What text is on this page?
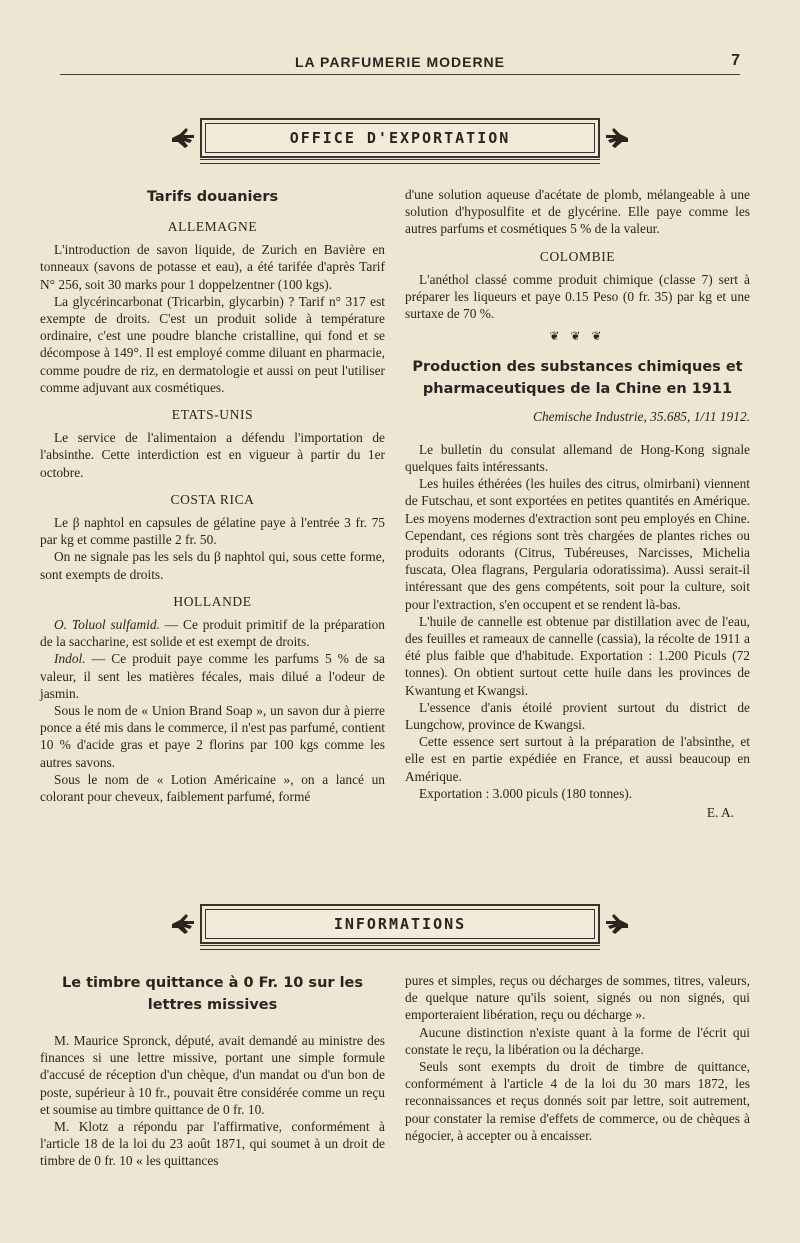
LA PARFUMERIE MODERNE	7
OFFICE D'EXPORTATION
Tarifs douaniers
ALLEMAGNE

L'introduction de savon liquide, de Zurich en Bavière en tonneaux (savons de potasse et eau), a été tarifée d'après Tarif N° 256, soit 30 marks pour 1 doppelzentner (100 kgs).

La glycérincarbonat (Tricarbin, glycarbin) ? Tarif n° 317 est exempte de droits. C'est un produit solide à température ordinaire, c'est une poudre blanche cristalline, qui fond et se décompose à 149°. Il est employé comme diluant en pharmacie, comme poudre de riz, en dermatologie et aussi on peut l'utiliser comme adjuvant aux cosmétiques.

ETATS-UNIS

Le service de l'alimentaion a défendu l'importation de l'absinthe. Cette interdiction est en vigueur à partir du 1er octobre.

COSTA RICA

Le β naphtol en capsules de gélatine paye à l'entrée 3 fr. 75 par kg et comme pastille 2 fr. 50.

On ne signale pas les sels du β naphtol qui, sous cette forme, sont exempts de droits.

HOLLANDE

O. Toluol sulfamid. — Ce produit primitif de la préparation de la saccharine, est solide et est exempt de droits.

Indol. — Ce produit paye comme les parfums 5 % de sa valeur, il sent les matières fécales, mais dilué a l'odeur de jasmin.

Sous le nom de « Union Brand Soap », un savon dur à pierre ponce a été mis dans le commerce, il n'est pas parfumé, contient 10 % d'acide gras et paye 2 florins par 100 kgs comme les autres savons.

Sous le nom de « Lotion Américaine », on a lancé un colorant pour cheveux, faiblement parfumé, formé

d'une solution aqueuse d'acétate de plomb, mélangeable à une solution d'hyposulfite et de glycérine. Elle paye comme les autres parfums et cosmétiques 5 % de la valeur.

COLOMBIE

L'anéthol classé comme produit chimique (classe 7) sert à préparer les liqueurs et paye 0.15 Peso (0 fr. 35) par kg et une surtaxe de 70 %.

❦ ❦ ❦
Production des substances chimiques et pharmaceutiques de la Chine en 1911
Chemische Industrie, 35.685, 1/11 1912.

Le bulletin du consulat allemand de Hong-Kong signale quelques faits intéressants.

Les huiles éthérées (les huiles des citrus, olmirbani) viennent de Futschau, et sont exportées en petites quantités en Amérique. Les moyens modernes d'extraction sont peu employés en Chine. Cependant, ces régions sont très chargées de plantes riches ou produits odorants (Citrus, Tubéreuses, Narcisses, Michelia fuscata, Olea flagrans, Pergularia odoratissima). Aussi serait-il intéressant que des gens compétents, soit pour la culture, soit pour l'extraction, s'en occupent et se rendent là-bas.

L'huile de cannelle est obtenue par distillation avec de l'eau, des feuilles et rameaux de cannelle (cassia), la récolte de 1911 a été plus faible que d'habitude. Exportation : 1.200 Piculs (72 tonnes). On obtient surtout cette huile dans les provinces de Kwantung et Kwangsi.

L'essence d'anis étoilé provient surtout du district de Lungchow, province de Kwangsi.

Cette essence sert surtout à la préparation de l'absinthe, et elle est en partie expédiée en France, et aussi beaucoup en Amérique.

Exportation : 3.000 piculs (180 tonnes).

E. A.
INFORMATIONS
Le timbre quittance à 0 Fr. 10 sur les lettres missives

M. Maurice Spronck, député, avait demandé au ministre des finances si une lettre missive, portant une simple formule d'accusé de réception d'un chèque, d'un mandat ou d'un bon de poste, supérieur à 10 fr., pouvait être considérée comme un reçu et soumise au timbre quittance de 0 fr. 10.

M. Klotz a répondu par l'affirmative, conformément à l'article 18 de la loi du 23 août 1871, qui soumet à un droit de timbre de 0 fr. 10 « les quittances

pures et simples, reçus ou décharges de sommes, titres, valeurs, de quelque nature qu'ils soient, signés ou non signés, qui emporteraient libération, reçu ou décharge ».

Aucune distinction n'existe quant à la forme de l'écrit qui constate le reçu, la libération ou la décharge.

Seuls sont exempts du droit de timbre de quittance, conformément à l'article 4 de la loi du 30 mars 1872, les reconnaissances et reçus donnés soit par lettre, soit autrement, pour constater la remise d'effets de commerce, ou de chèques à négocier, à accepter ou à encaisser.
